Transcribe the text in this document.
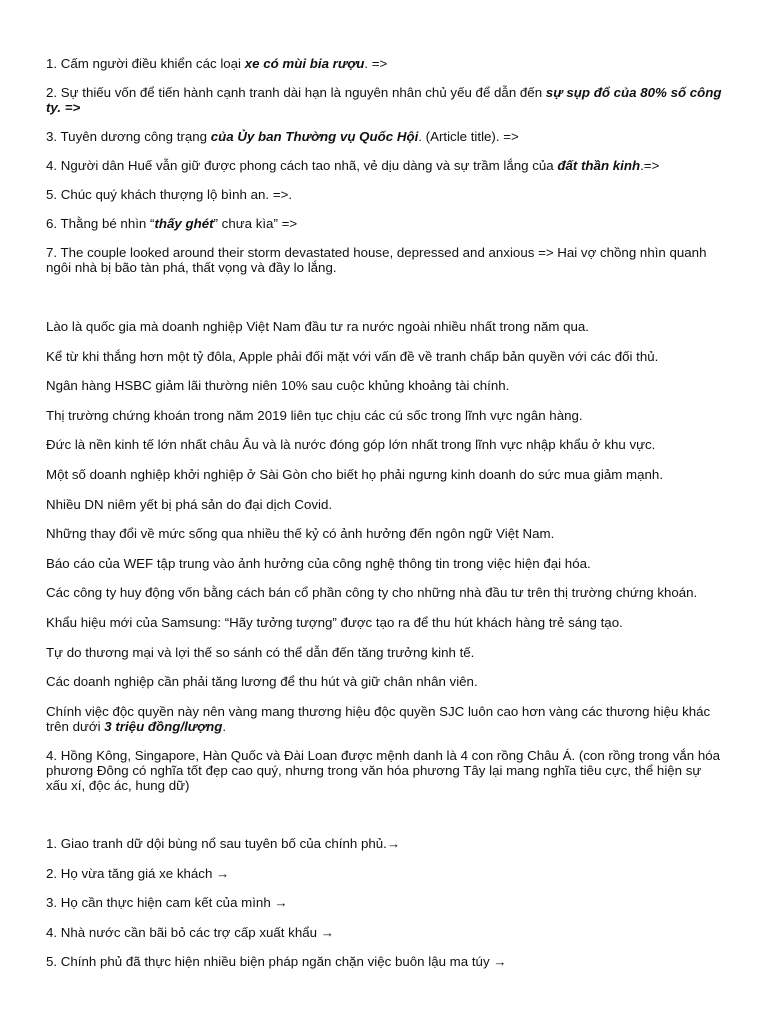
1. Cấm người điều khiển các loại xe có mùi bia rượu. =>

2. Sự thiếu vốn để tiến hành cạnh tranh dài hạn là nguyên nhân chủ yếu để dẫn đến sự sụp đổ của 80% số công ty. =>

3. Tuyên dương công trạng của Ủy ban Thường vụ Quốc Hội. (Article title). =>

4. Người dân Huế vẫn giữ được phong cách tao nhã, vẻ dịu dàng và sự trầm lắng của đất thần kinh.=>

5. Chúc quý khách thượng lộ bình an. =>.

6. Thằng bé nhìn “thấy ghét” chưa kìa” =>

7. The couple looked around their storm devastated house, depressed and anxious => Hai vợ chồng nhìn quanh ngôi nhà bị bão tàn phá, thất vọng và đầy lo lắng.

Lào là quốc gia mà doanh nghiệp Việt Nam đầu tư ra nước ngoài nhiều nhất trong năm qua.

Kể từ khi thắng hơn một tỷ đôla, Apple phải đối mặt với vấn đề về tranh chấp bản quyền với các đối thủ.

Ngân hàng HSBC giảm lãi thường niên 10% sau cuộc khủng khoảng tài chính.

Thị trường chứng khoán trong năm 2019 liên tục chịu các cú sốc trong lĩnh vực ngân hàng.

Đức là nền kinh tế lớn nhất châu Âu và là nước đóng góp lớn nhất trong lĩnh vực nhập khẩu ở khu vực.

Một số doanh nghiệp khởi nghiệp ở Sài Gòn cho biết họ phải ngưng kinh doanh do sức mua giảm mạnh.

Nhiều DN niêm yết bị phá sản do đại dịch Covid.

Những thay đổi về mức sống qua nhiều thế kỷ có ảnh hưởng đến ngôn ngữ Việt Nam.

Báo cáo của WEF tập trung vào ảnh hưởng của công nghệ thông tin trong việc hiện đại hóa.

Các công ty huy động vốn bằng cách bán cổ phần công ty cho những nhà đầu tư trên thị trường chứng khoán.

Khẩu hiệu mới của Samsung: “Hãy tưởng tượng” được tạo ra để thu hút khách hàng trẻ sáng tạo.

Tự do thương mại và lợi thế so sánh có thể dẫn đến tăng trưởng kinh tế.

Các doanh nghiệp cần phải tăng lương để thu hút và giữ chân nhân viên.

Chính việc độc quyền này nên vàng mang thương hiệu độc quyền SJC luôn cao hơn vàng các thương hiệu khác trên dưới 3 triệu đồng/lượng.

4. Hồng Kông, Singapore, Hàn Quốc và Đài Loan được mệnh danh là 4 con rồng Châu Á. (con rồng trong vắn hóa phương Đông có nghĩa tốt đẹp cao quý, nhưng trong văn hóa phương Tây lại mang nghĩa tiêu cực, thể hiện sự xấu xí, độc ác, hung dữ)

1. Giao tranh dữ dội bùng nổ sau tuyên bố của chính phủ.→

2. Họ vừa tăng giá xe khách →

3. Họ cần thực hiện cam kết của mình →

4. Nhà nước cần bãi bỏ các trợ cấp xuất khẩu →

5. Chính phủ đã thực hiện nhiều biện pháp ngăn chặn việc buôn lậu ma túy →
